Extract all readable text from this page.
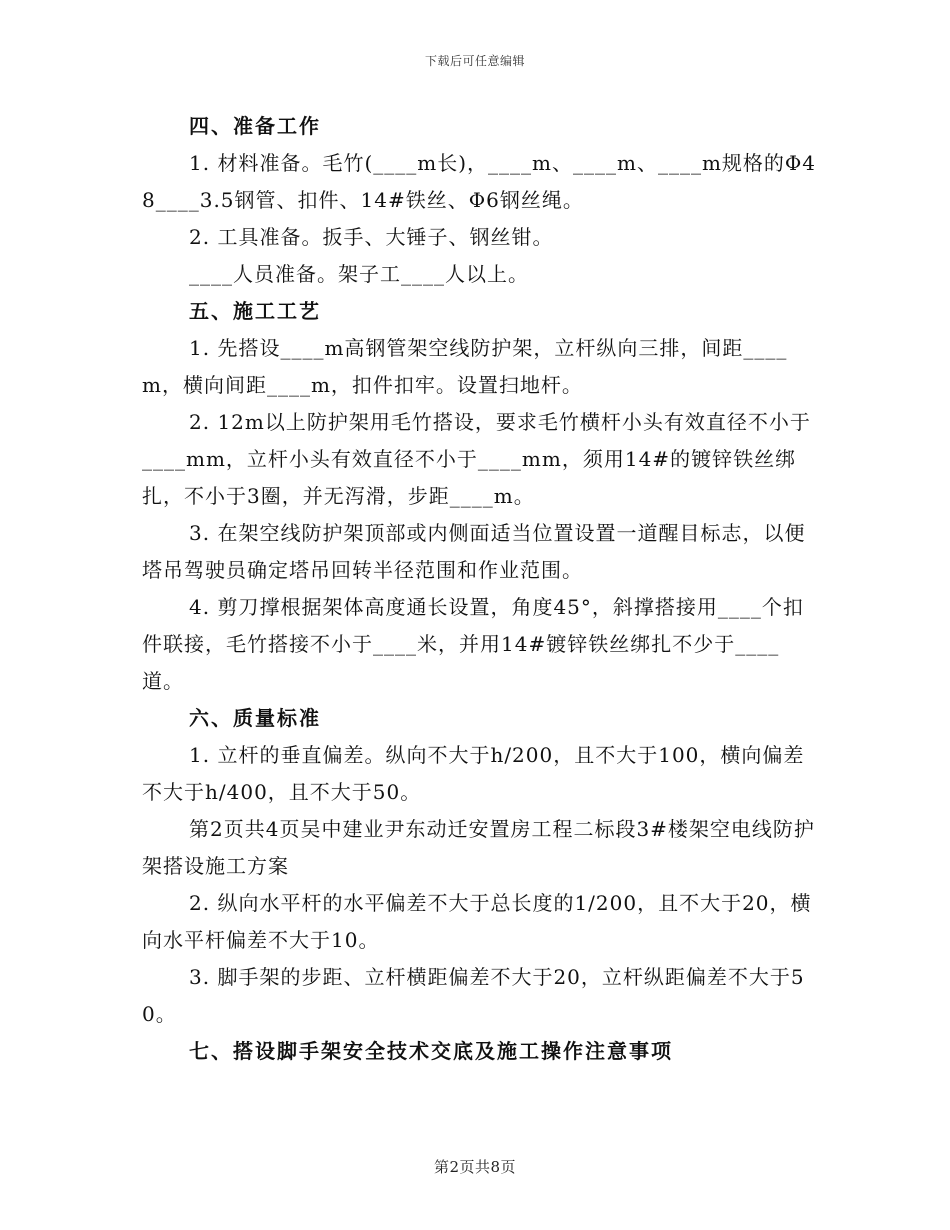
下载后可任意编辑

四、准备工作

1. 材料准备。毛竹(____m长)，____m、____m、____m规格的Φ48____3.5钢管、扣件、14#铁丝、Φ6钢丝绳。

2. 工具准备。扳手、大锤子、钢丝钳。

____人员准备。架子工____人以上。

五、施工工艺

1. 先搭设____m高钢管架空线防护架，立杆纵向三排，间距____m，横向间距____m，扣件扣牢。设置扫地杆。

2. 12m以上防护架用毛竹搭设，要求毛竹横杆小头有效直径不小于____mm，立杆小头有效直径不小于____mm，须用14#的镀锌铁丝绑扎，不小于3圈，并无泻滑，步距____m。

3. 在架空线防护架顶部或内侧面适当位置设置一道醒目标志，以便塔吊驾驶员确定塔吊回转半径范围和作业范围。

4. 剪刀撑根据架体高度通长设置，角度45°，斜撑搭接用____个扣件联接，毛竹搭接不小于____米，并用14#镀锌铁丝绑扎不少于____道。

六、质量标准

1. 立杆的垂直偏差。纵向不大于h/200，且不大于100，横向偏差不大于h/400，且不大于50。

第2页共4页吴中建业尹东动迁安置房工程二标段3#楼架空电线防护架搭设施工方案

2. 纵向水平杆的水平偏差不大于总长度的1/200，且不大于20，横向水平杆偏差不大于10。

3. 脚手架的步距、立杆横距偏差不大于20，立杆纵距偏差不大于50。

七、搭设脚手架安全技术交底及施工操作注意事项

第2页共8页
